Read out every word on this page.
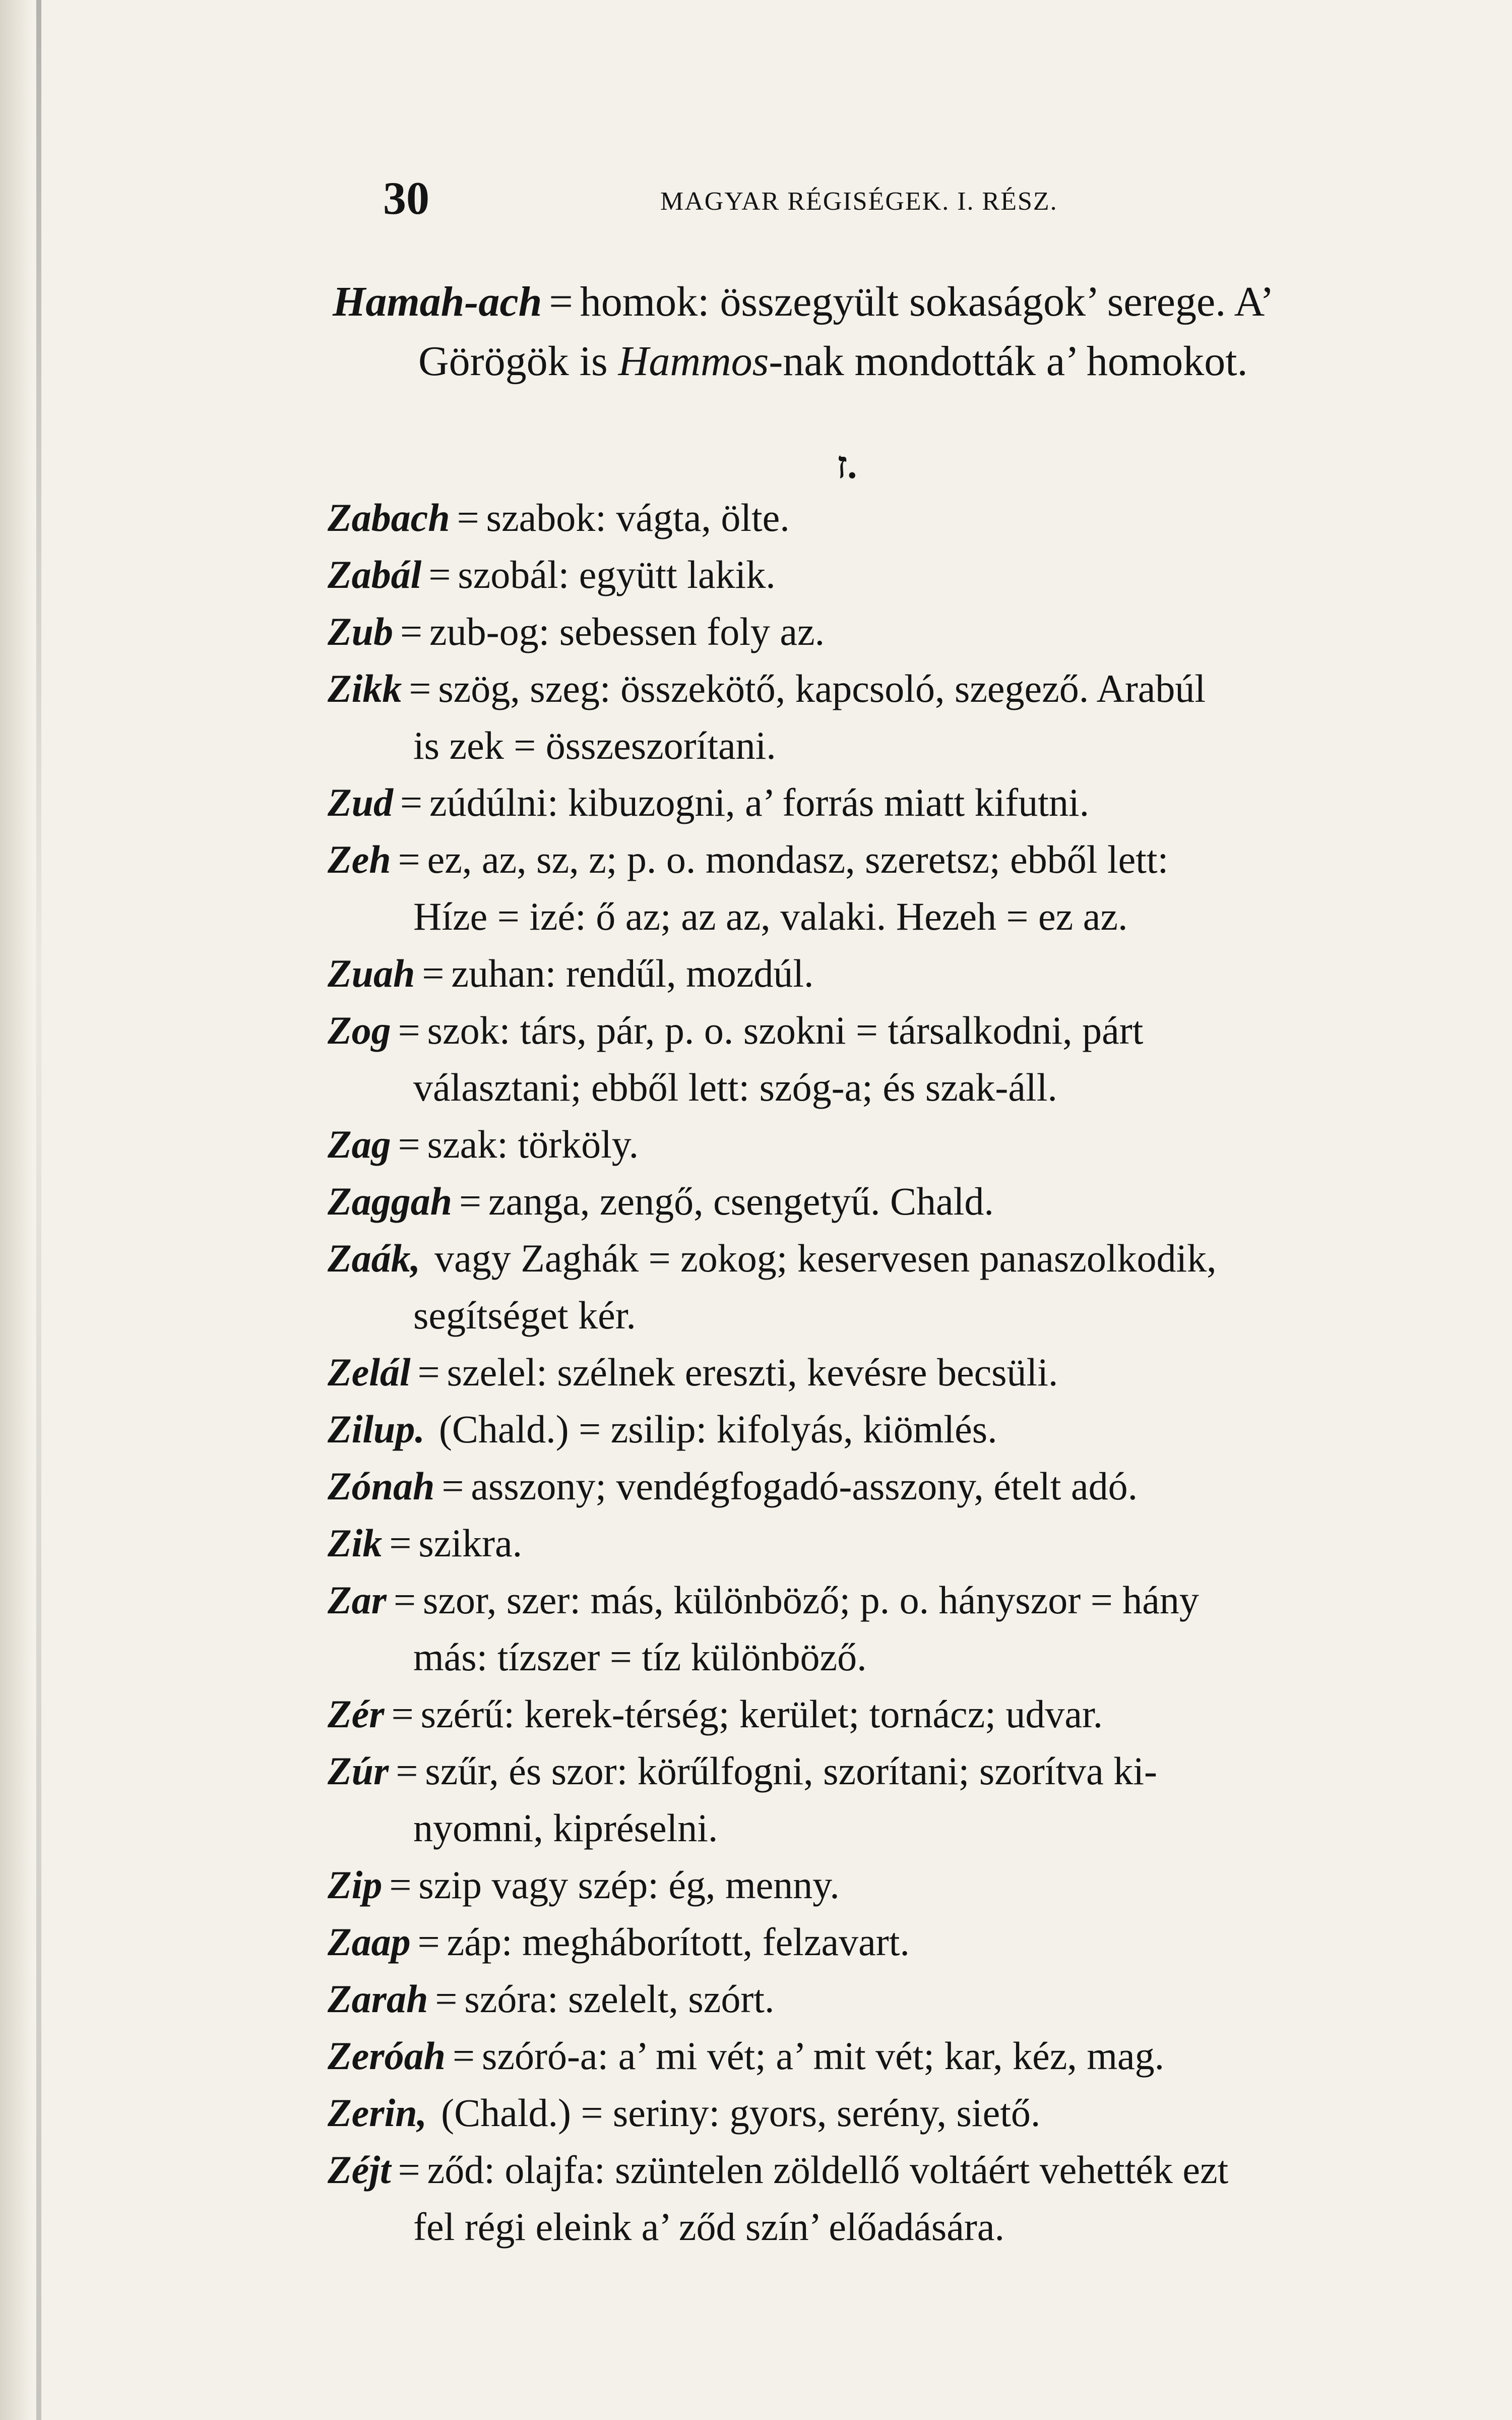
30	MAGYAR RÉGISÉGEK. I. RÉSZ.
Hamah-ach = homok: összegyült sokaságok’ serege. A’
Görögök is Hammos-nak mondották a’ homokot.
ז.
Zabach = szabok: vágta, ölte.
Zabál = szobál: együtt lakik.
Zub = zub-og: sebessen foly az.
Zikk = szög, szeg: összekötő, kapcsoló, szegező. Arabúl
is zek = összeszorítani.
Zud = zúdúlni: kibuzogni, a’ forrás miatt kifutni.
Zeh = ez, az, sz, z; p. o. mondasz, szeretsz; ebből lett:
Híze = izé: ő az; az az, valaki. Hezeh = ez az.
Zuah = zuhan: rendűl, mozdúl.
Zog = szok: társ, pár, p. o. szokni = társalkodni, párt
választani; ebből lett: szóg-a; és szak-áll.
Zag = szak: törköly.
Zaggah = zanga, zengő, csengetyű. Chald.
Zaák, vagy Zaghák = zokog; keservesen panaszolkodik,
segítséget kér.
Zelál = szelel: szélnek ereszti, kevésre becsüli.
Zilup. (Chald.) = zsilip: kifolyás, kiömlés.
Zónah = asszony; vendégfogadó-asszony, ételt adó.
Zik = szikra.
Zar = szor, szer: más, különböző; p. o. hányszor = hány
más: tízszer = tíz különböző.
Zér = szérű: kerek-térség; kerület; tornácz; udvar.
Zúr = szűr, és szor: körűlfogni, szorítani; szorítva ki-
nyomni, kipréselni.
Zip = szip vagy szép: ég, menny.
Zaap = záp: megháborított, felzavart.
Zarah = szóra: szelelt, szórt.
Zeróah = szóró-a: a’ mi vét; a’ mit vét; kar, kéz, mag.
Zerin, (Chald.) = seriny: gyors, serény, siető.
Zéjt = ződ: olajfa: szüntelen zöldellő voltáért vehették ezt
fel régi eleink a’ ződ szín’ előadására.
